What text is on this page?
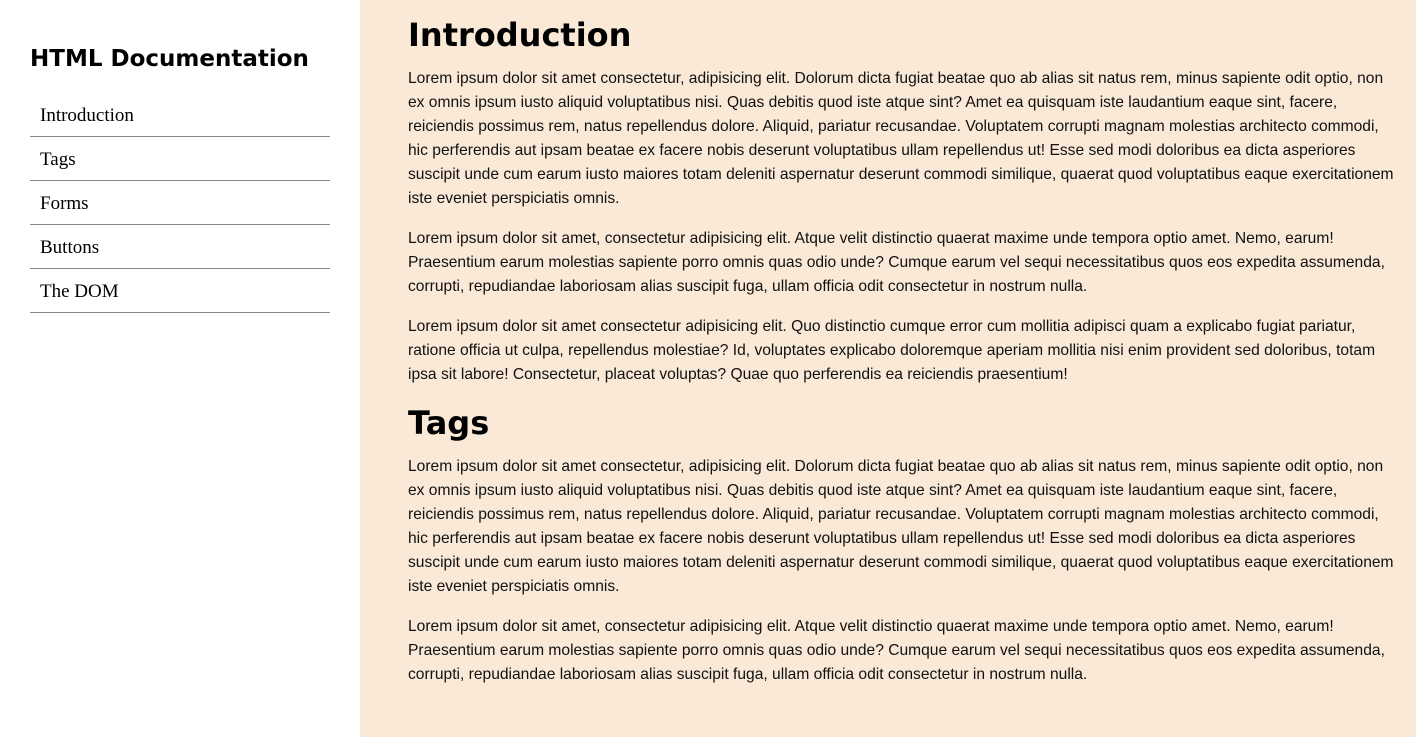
HTML Documentation
Introduction
Tags
Forms
Buttons
The DOM
Introduction

Lorem ipsum dolor sit amet consectetur, adipisicing elit. Dolorum dicta fugiat beatae quo ab alias sit natus rem, minus sapiente odit optio, non ex omnis ipsum iusto aliquid voluptatibus nisi. Quas debitis quod iste atque sint? Amet ea quisquam iste laudantium eaque sint, facere, reiciendis possimus rem, natus repellendus dolore. Aliquid, pariatur recusandae. Voluptatem corrupti magnam molestias architecto commodi, hic perferendis aut ipsam beatae ex facere nobis deserunt voluptatibus ullam repellendus ut! Esse sed modi doloribus ea dicta asperiores suscipit unde cum earum iusto maiores totam deleniti aspernatur deserunt commodi similique, quaerat quod voluptatibus eaque exercitationem iste eveniet perspiciatis omnis.

Lorem ipsum dolor sit amet, consectetur adipisicing elit. Atque velit distinctio quaerat maxime unde tempora optio amet. Nemo, earum! Praesentium earum molestias sapiente porro omnis quas odio unde? Cumque earum vel sequi necessitatibus quos eos expedita assumenda, corrupti, repudiandae laboriosam alias suscipit fuga, ullam officia odit consectetur in nostrum nulla.

Lorem ipsum dolor sit amet consectetur adipisicing elit. Quo distinctio cumque error cum mollitia adipisci quam a explicabo fugiat pariatur, ratione officia ut culpa, repellendus molestiae? Id, voluptates explicabo doloremque aperiam mollitia nisi enim provident sed doloribus, totam ipsa sit labore! Consectetur, placeat voluptas? Quae quo perferendis ea reiciendis praesentium!

Tags

Lorem ipsum dolor sit amet consectetur, adipisicing elit. Dolorum dicta fugiat beatae quo ab alias sit natus rem, minus sapiente odit optio, non ex omnis ipsum iusto aliquid voluptatibus nisi. Quas debitis quod iste atque sint? Amet ea quisquam iste laudantium eaque sint, facere, reiciendis possimus rem, natus repellendus dolore. Aliquid, pariatur recusandae. Voluptatem corrupti magnam molestias architecto commodi, hic perferendis aut ipsam beatae ex facere nobis deserunt voluptatibus ullam repellendus ut! Esse sed modi doloribus ea dicta asperiores suscipit unde cum earum iusto maiores totam deleniti aspernatur deserunt commodi similique, quaerat quod voluptatibus eaque exercitationem iste eveniet perspiciatis omnis.

Lorem ipsum dolor sit amet, consectetur adipisicing elit. Atque velit distinctio quaerat maxime unde tempora optio amet. Nemo, earum! Praesentium earum molestias sapiente porro omnis quas odio unde? Cumque earum vel sequi necessitatibus quos eos expedita assumenda, corrupti, repudiandae laboriosam alias suscipit fuga, ullam officia odit consectetur in nostrum nulla.
